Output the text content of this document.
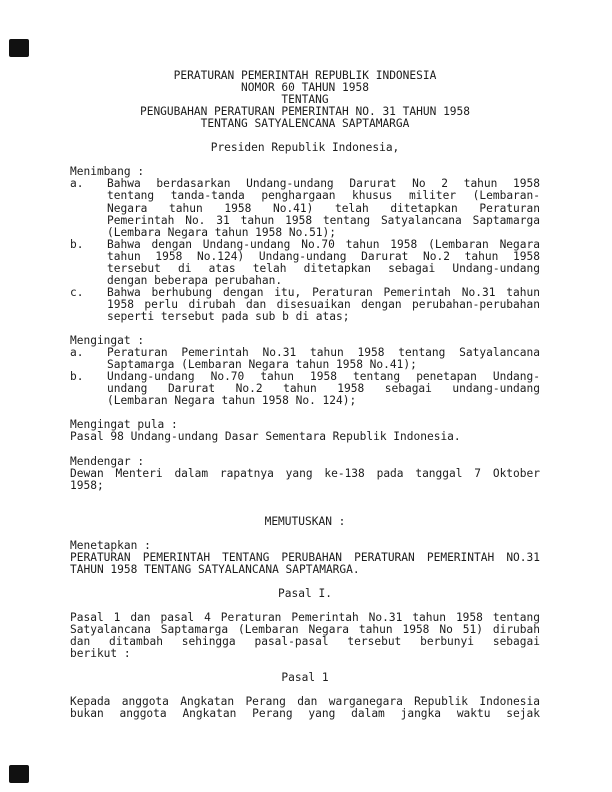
PERATURAN PEMERINTAH REPUBLIK INDONESIA
NOMOR 60 TAHUN 1958
TENTANG
PENGUBAHAN PERATURAN PEMERINTAH NO. 31 TAHUN 1958
TENTANG SATYALENCANA SAPTAMARGA
Presiden Republik Indonesia,
Menimbang :
a. Bahwa berdasarkan Undang-undang Darurat No 2 tahun 1958
tentang tanda-tanda penghargaan khusus militer (Lembaran-
Negara tahun 1958 No.41) telah ditetapkan Peraturan
Pemerintah No. 31 tahun 1958 tentang Satyalancana Saptamarga
(Lembara Negara tahun 1958 No.51);
b. Bahwa dengan Undang-undang No.70 tahun 1958 (Lembaran Negara
tahun 1958 No.124) Undang-undang Darurat No.2 tahun 1958
tersebut di atas telah ditetapkan sebagai Undang-undang
dengan beberapa perubahan.
c. Bahwa berhubung dengan itu, Peraturan Pemerintah No.31 tahun
1958 perlu dirubah dan disesuaikan dengan perubahan-perubahan
seperti tersebut pada sub b di atas;
Mengingat :
a. Peraturan Pemerintah No.31 tahun 1958 tentang Satyalancana
Saptamarga (Lembaran Negara tahun 1958 No.41);
b. Undang-undang No.70 tahun 1958 tentang penetapan Undang-
undang Darurat No.2 tahun 1958 sebagai undang-undang
(Lembaran Negara tahun 1958 No. 124);
Mengingat pula :
Pasal 98 Undang-undang Dasar Sementara Republik Indonesia.
Mendengar :
Dewan Menteri dalam rapatnya yang ke-138 pada tanggal 7 Oktober
1958;
MEMUTUSKAN :
Menetapkan :
PERATURAN PEMERINTAH TENTANG PERUBAHAN PERATURAN PEMERINTAH NO.31
TAHUN 1958 TENTANG SATYALANCANA SAPTAMARGA.
Pasal I.
Pasal 1 dan pasal 4 Peraturan Pemerintah No.31 tahun 1958 tentang
Satyalancana Saptamarga (Lembaran Negara tahun 1958 No 51) dirubah
dan ditambah sehingga pasal-pasal tersebut berbunyi sebagai
berikut :
Pasal 1
Kepada anggota Angkatan Perang dan warganegara Republik Indonesia
bukan anggota Angkatan Perang yang dalam jangka waktu sejak
